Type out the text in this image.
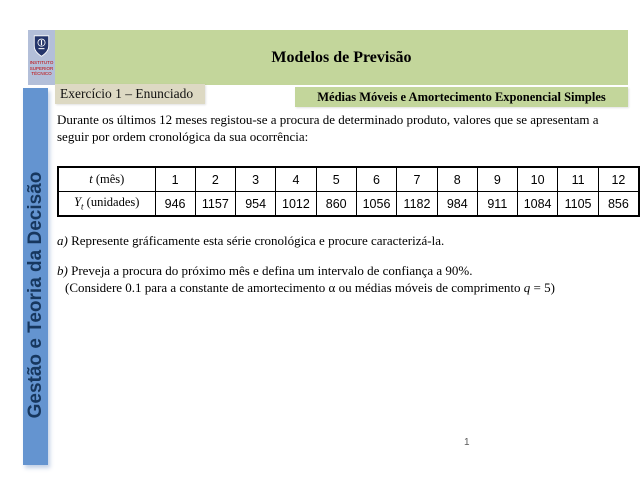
INSTITUTO
SUPERIOR
TÉCNICO
Modelos de Previsão
Exercício 1 – Enunciado	Médias Móveis e Amortecimento Exponencial Simples
Gestão e Teoria da Decisão
Durante os últimos 12 meses registou-se a procura de determinado produto, valores que se apresentam a seguir por ordem cronológica da sua ocorrência:
t (mês)	1	2	3	4	5	6	7	8	9	10	11	12
$Y_t$ (unidades)	946	1157	954	1012	860	1056	1182	984	911	1084	1105	856
a) Represente gráficamente esta série cronológica e procure caracterizá-la.
b) Preveja a procura do próximo mês e defina um intervalo de confiança a 90%.
(Considere 0.1 para a constante de amortecimento α ou médias móveis de comprimento q = 5)
1
